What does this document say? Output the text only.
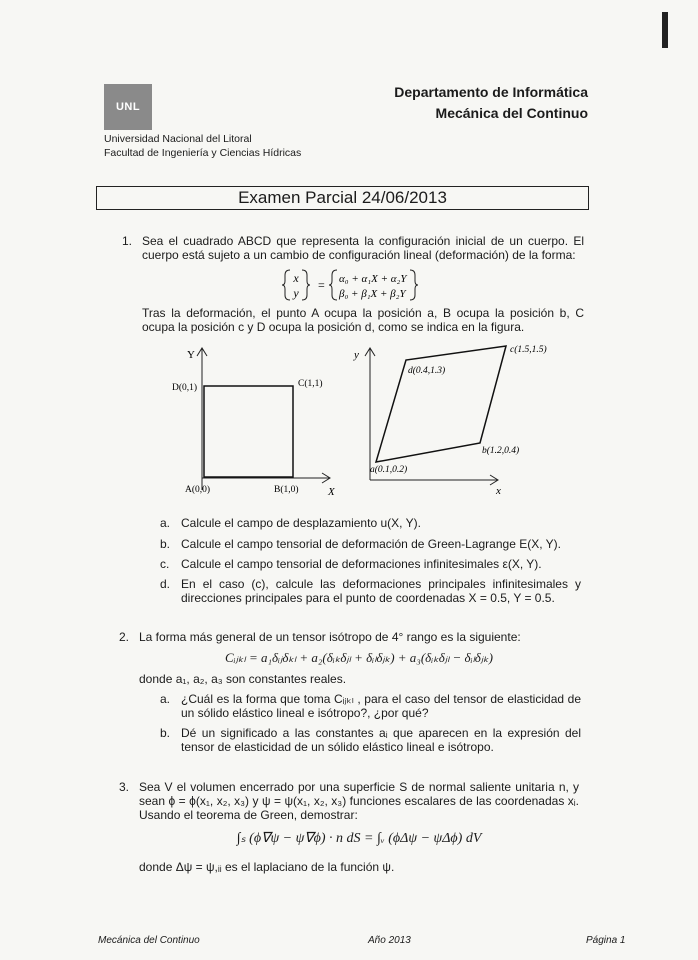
UNL
Universidad Nacional del Litoral
Facultad de Ingeniería y Ciencias Hídricas
Departamento de Informática
Mecánica del Continuo
Examen Parcial 24/06/2013
1. Sea el cuadrado ABCD que representa la configuración inicial de un cuerpo. El cuerpo está sujeto a un cambio de configuración lineal (deformación) de la forma:
x
y
= α₀ + α₁X + α₂Y
β₀ + β₁X + β₂Y
Tras la deformación, el punto A ocupa la posición a, B ocupa la posición b, C ocupa la posición c y D ocupa la posición d, como se indica en la figura.
Y
X
D(0,1)	C(1,1)
A(0,0)	B(1,0)
y
x
a(0.1,0.2)
b(1.2,0.4)
c(1.5,1.5)
d(0.4,1.3)
a. Calcule el campo de desplazamiento u(X, Y).
b. Calcule el campo tensorial de deformación de Green-Lagrange E(X, Y).
c. Calcule el campo tensorial de deformaciones infinitesimales ε(X, Y).
d. En el caso (c), calcule las deformaciones principales infinitesimales y direcciones principales para el punto de coordenadas X = 0.5, Y = 0.5.
2. La forma más general de un tensor isótropo de 4° rango es la siguiente:
Cᵢⱼₖₗ = a₁δᵢⱼδₖₗ + a₂(δᵢₖδⱼₗ + δᵢₗδⱼₖ) + a₃(δᵢₖδⱼₗ − δᵢₗδⱼₖ)
donde a₁, a₂, a₃ son constantes reales.
a. ¿Cuál es la forma que toma Cᵢⱼₖₗ , para el caso del tensor de elasticidad de un sólido elástico lineal e isótropo?, ¿por qué?
b. Dé un significado a las constantes aᵢ que aparecen en la expresión del tensor de elasticidad de un sólido elástico lineal e isótropo.
3. Sea V el volumen encerrado por una superficie S de normal saliente unitaria n, y sean ϕ = ϕ(x₁, x₂, x₃) y ψ = ψ(x₁, x₂, x₃) funciones escalares de las coordenadas xᵢ. Usando el teorema de Green, demostrar:
∫ₛ (ϕ∇ψ − ψ∇ϕ) · n dS = ∫ᵥ (ϕΔψ − ψΔϕ) dV
donde Δψ = ψ,ᵢᵢ es el laplaciano de la función ψ.
Mecánica del Continuo	Año 2013	Página 1
